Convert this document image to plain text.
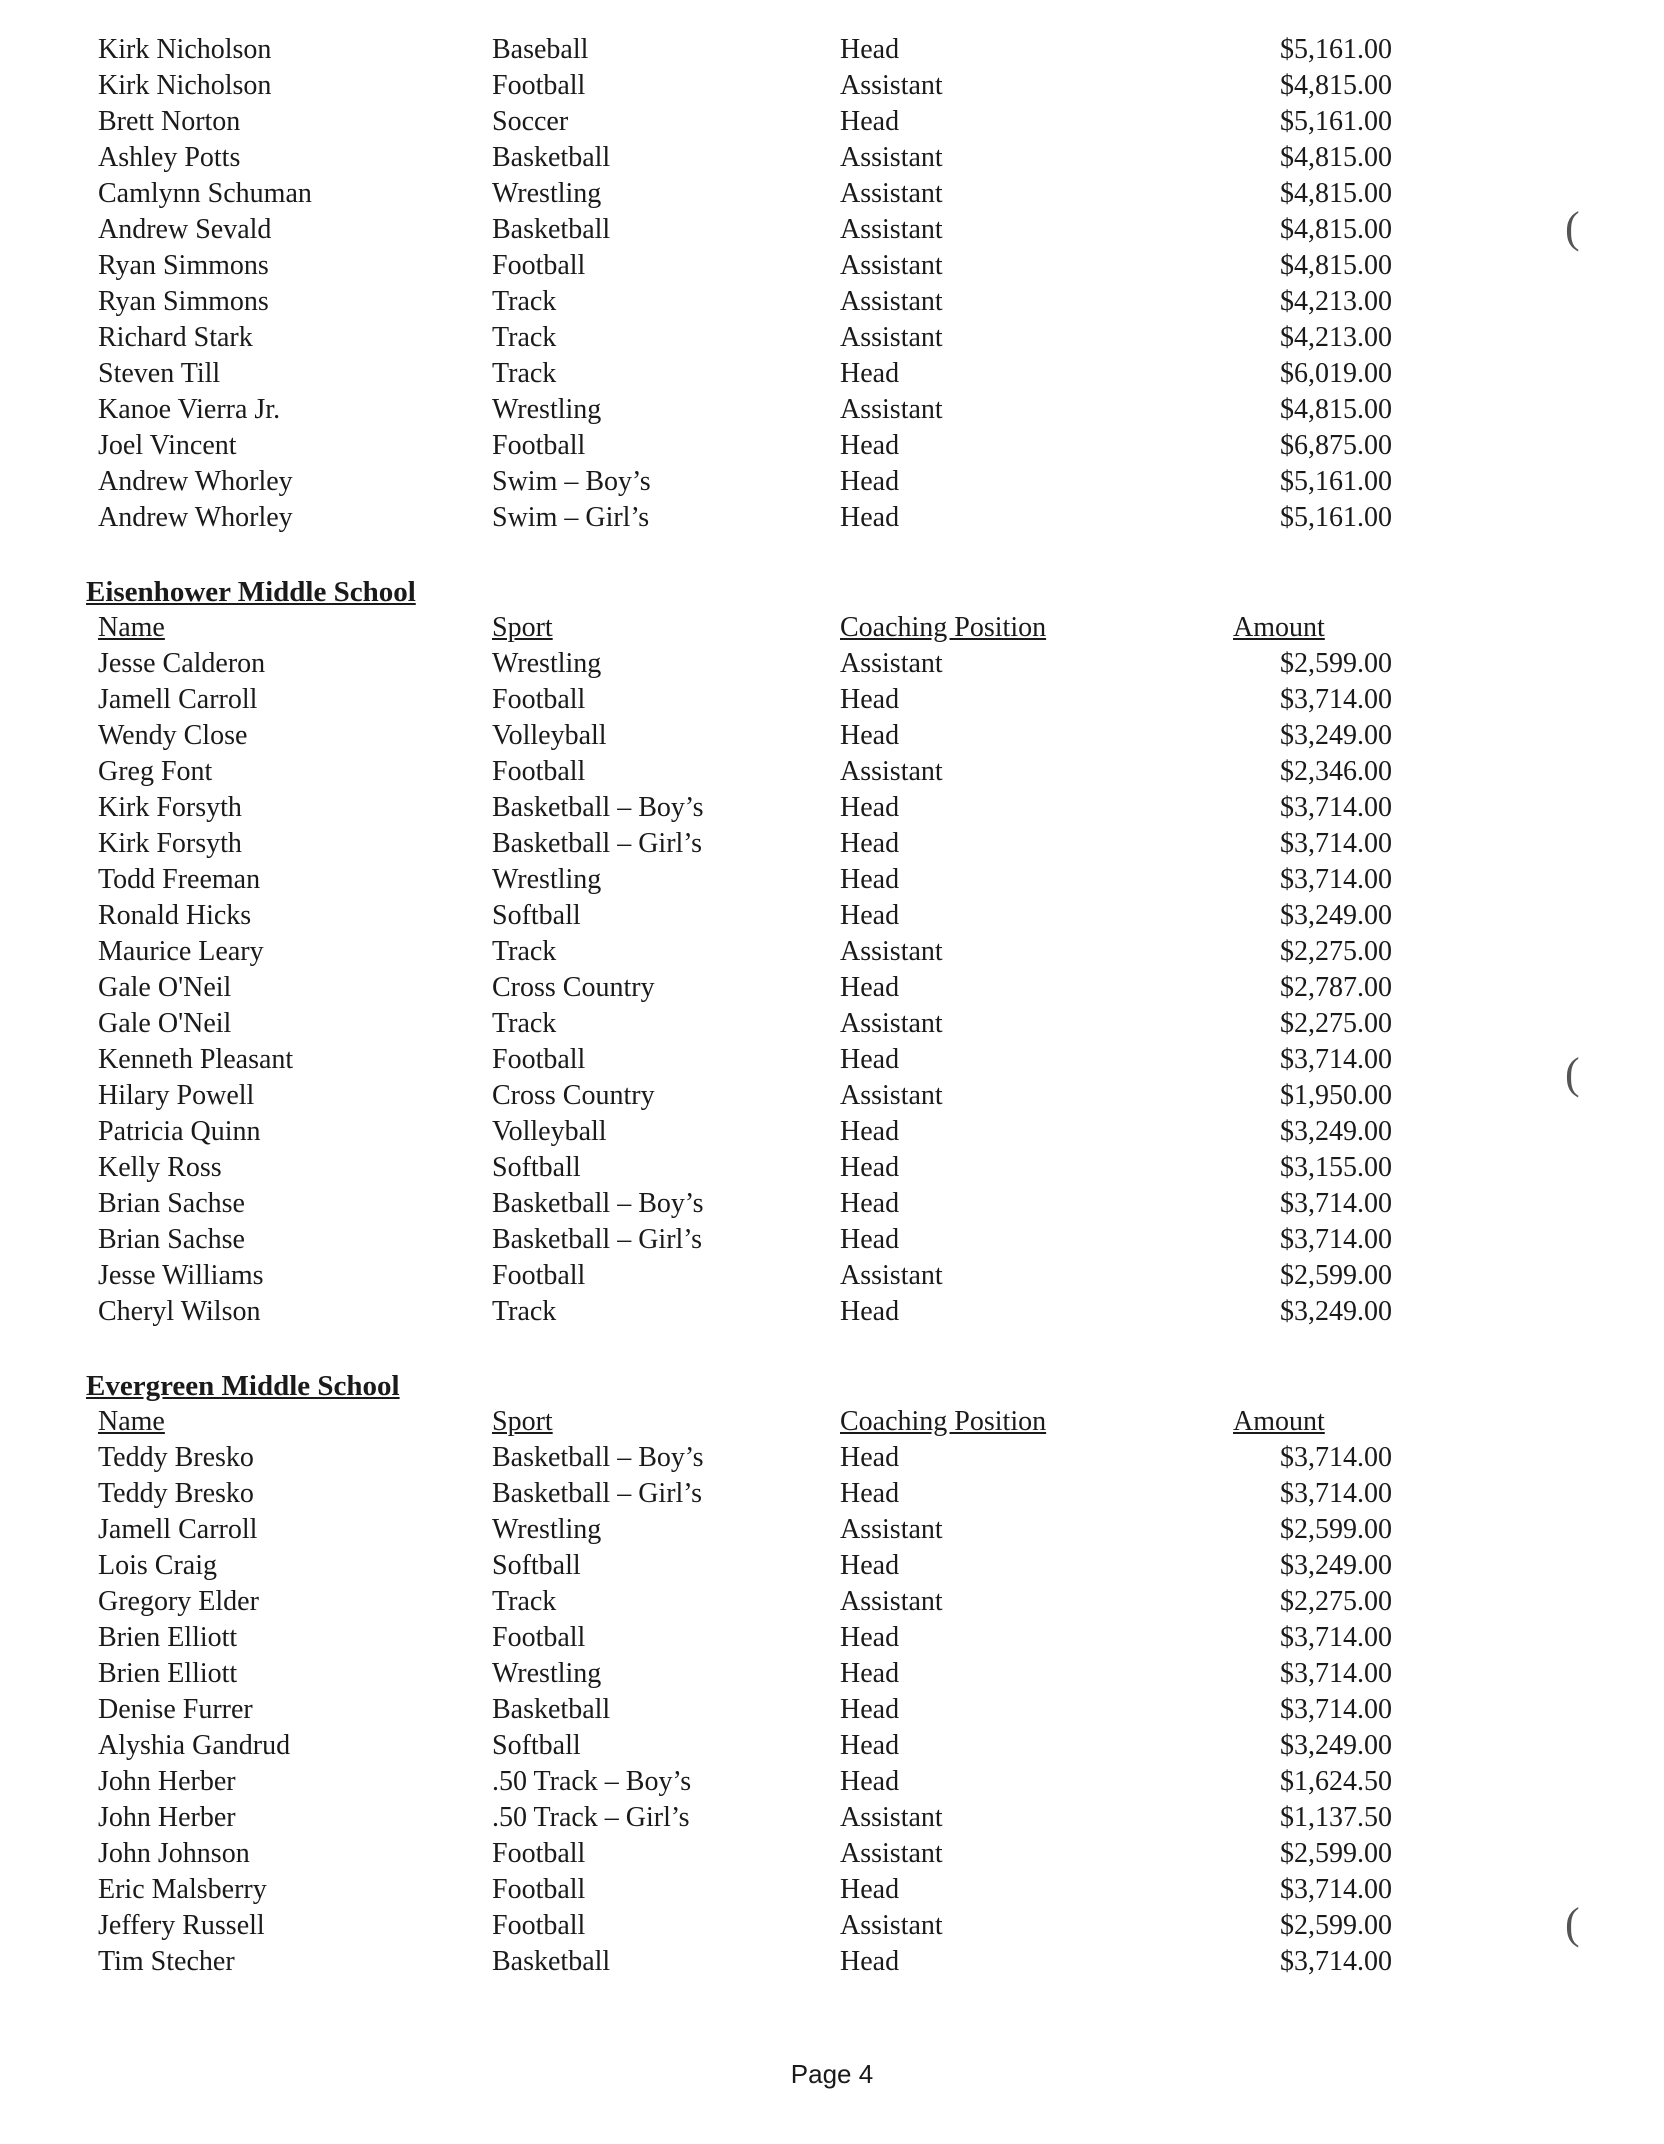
Kirk Nicholson	Baseball	Head	$5,161.00
Kirk Nicholson	Football	Assistant	$4,815.00
Brett Norton	Soccer	Head	$5,161.00
Ashley Potts	Basketball	Assistant	$4,815.00
Camlynn Schuman	Wrestling	Assistant	$4,815.00
Andrew Sevald	Basketball	Assistant	$4,815.00
Ryan Simmons	Football	Assistant	$4,815.00
Ryan Simmons	Track	Assistant	$4,213.00
Richard Stark	Track	Assistant	$4,213.00
Steven Till	Track	Head	$6,019.00
Kanoe Vierra Jr.	Wrestling	Assistant	$4,815.00
Joel Vincent	Football	Head	$6,875.00
Andrew Whorley	Swim – Boy’s	Head	$5,161.00
Andrew Whorley	Swim – Girl’s	Head	$5,161.00
Eisenhower Middle School
Name	Sport	Coaching Position	Amount
Jesse Calderon	Wrestling	Assistant	$2,599.00
Jamell Carroll	Football	Head	$3,714.00
Wendy Close	Volleyball	Head	$3,249.00
Greg Font	Football	Assistant	$2,346.00
Kirk Forsyth	Basketball – Boy’s	Head	$3,714.00
Kirk Forsyth	Basketball – Girl’s	Head	$3,714.00
Todd Freeman	Wrestling	Head	$3,714.00
Ronald Hicks	Softball	Head	$3,249.00
Maurice Leary	Track	Assistant	$2,275.00
Gale O'Neil	Cross Country	Head	$2,787.00
Gale O'Neil	Track	Assistant	$2,275.00
Kenneth Pleasant	Football	Head	$3,714.00
Hilary Powell	Cross Country	Assistant	$1,950.00
Patricia Quinn	Volleyball	Head	$3,249.00
Kelly Ross	Softball	Head	$3,155.00
Brian Sachse	Basketball – Boy’s	Head	$3,714.00
Brian Sachse	Basketball – Girl’s	Head	$3,714.00
Jesse Williams	Football	Assistant	$2,599.00
Cheryl Wilson	Track	Head	$3,249.00
Evergreen Middle School
Name	Sport	Coaching Position	Amount
Teddy Bresko	Basketball – Boy’s	Head	$3,714.00
Teddy Bresko	Basketball – Girl’s	Head	$3,714.00
Jamell Carroll	Wrestling	Assistant	$2,599.00
Lois Craig	Softball	Head	$3,249.00
Gregory Elder	Track	Assistant	$2,275.00
Brien Elliott	Football	Head	$3,714.00
Brien Elliott	Wrestling	Head	$3,714.00
Denise Furrer	Basketball	Head	$3,714.00
Alyshia Gandrud	Softball	Head	$3,249.00
John Herber	.50 Track – Boy’s	Head	$1,624.50
John Herber	.50 Track – Girl’s	Assistant	$1,137.50
John Johnson	Football	Assistant	$2,599.00
Eric Malsberry	Football	Head	$3,714.00
Jeffery Russell	Football	Assistant	$2,599.00
Tim Stecher	Basketball	Head	$3,714.00
(
(
(
Page 4
